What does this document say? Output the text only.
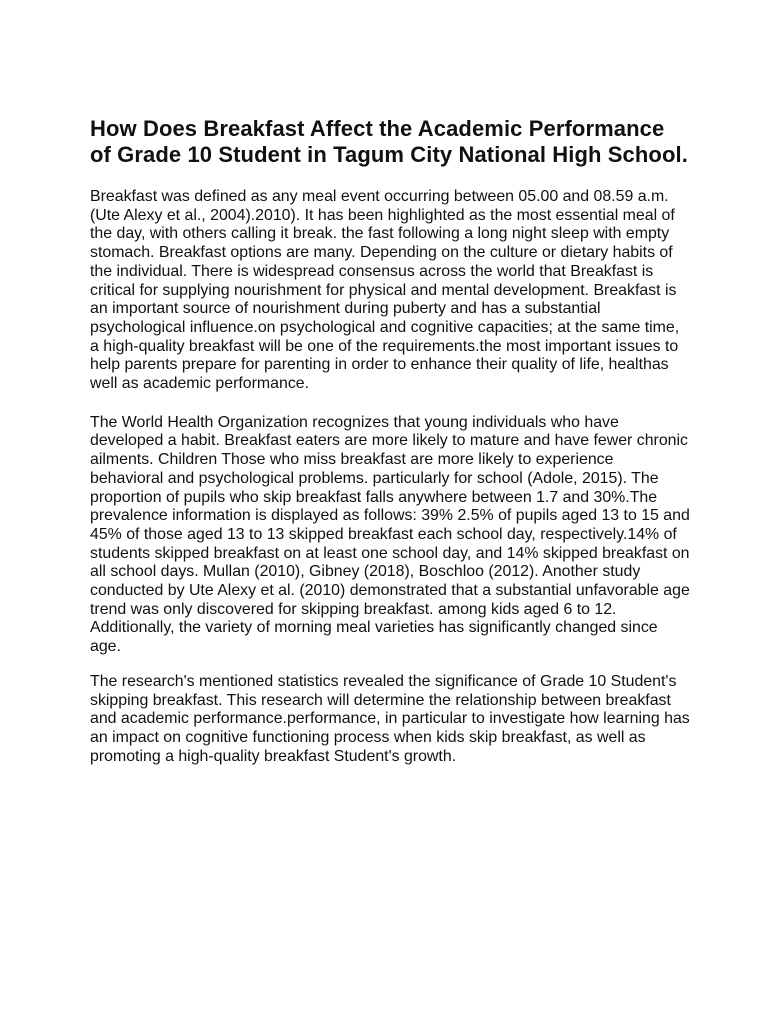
How Does Breakfast Affect the Academic Performance of Grade 10 Student in Tagum City National High School.

Breakfast was defined as any meal event occurring between 05.00 and 08.59 a.m. (Ute Alexy et al., 2004).2010). It has been highlighted as the most essential meal of the day, with others calling it break. the fast following a long night sleep with empty stomach. Breakfast options are many. Depending on the culture or dietary habits of the individual. There is widespread consensus across the world that Breakfast is critical for supplying nourishment for physical and mental development. Breakfast is an important source of nourishment during puberty and has a substantial psychological influence.on psychological and cognitive capacities; at the same time, a high-quality breakfast will be one of the requirements.the most important issues to help parents prepare for parenting in order to enhance their quality of life, healthas well as academic performance.

The World Health Organization recognizes that young individuals who have developed a habit. Breakfast eaters are more likely to mature and have fewer chronic ailments. Children Those who miss breakfast are more likely to experience behavioral and psychological problems. particularly for school (Adole, 2015). The proportion of pupils who skip breakfast falls anywhere between 1.7 and 30%.The prevalence information is displayed as follows: 39% 2.5% of pupils aged 13 to 15 and 45% of those aged 13 to 13 skipped breakfast each school day, respectively.14% of students skipped breakfast on at least one school day, and 14% skipped breakfast on all school days. Mullan (2010), Gibney (2018), Boschloo (2012). Another study conducted by Ute Alexy et al. (2010) demonstrated that a substantial unfavorable age trend was only discovered for skipping breakfast. among kids aged 6 to 12. Additionally, the variety of morning meal varieties has significantly changed since age.

The research's mentioned statistics revealed the significance of Grade 10 Student's skipping breakfast. This research will determine the relationship between breakfast and academic performance.performance, in particular to investigate how learning has an impact on cognitive functioning process when kids skip breakfast, as well as promoting a high-quality breakfast Student's growth.
